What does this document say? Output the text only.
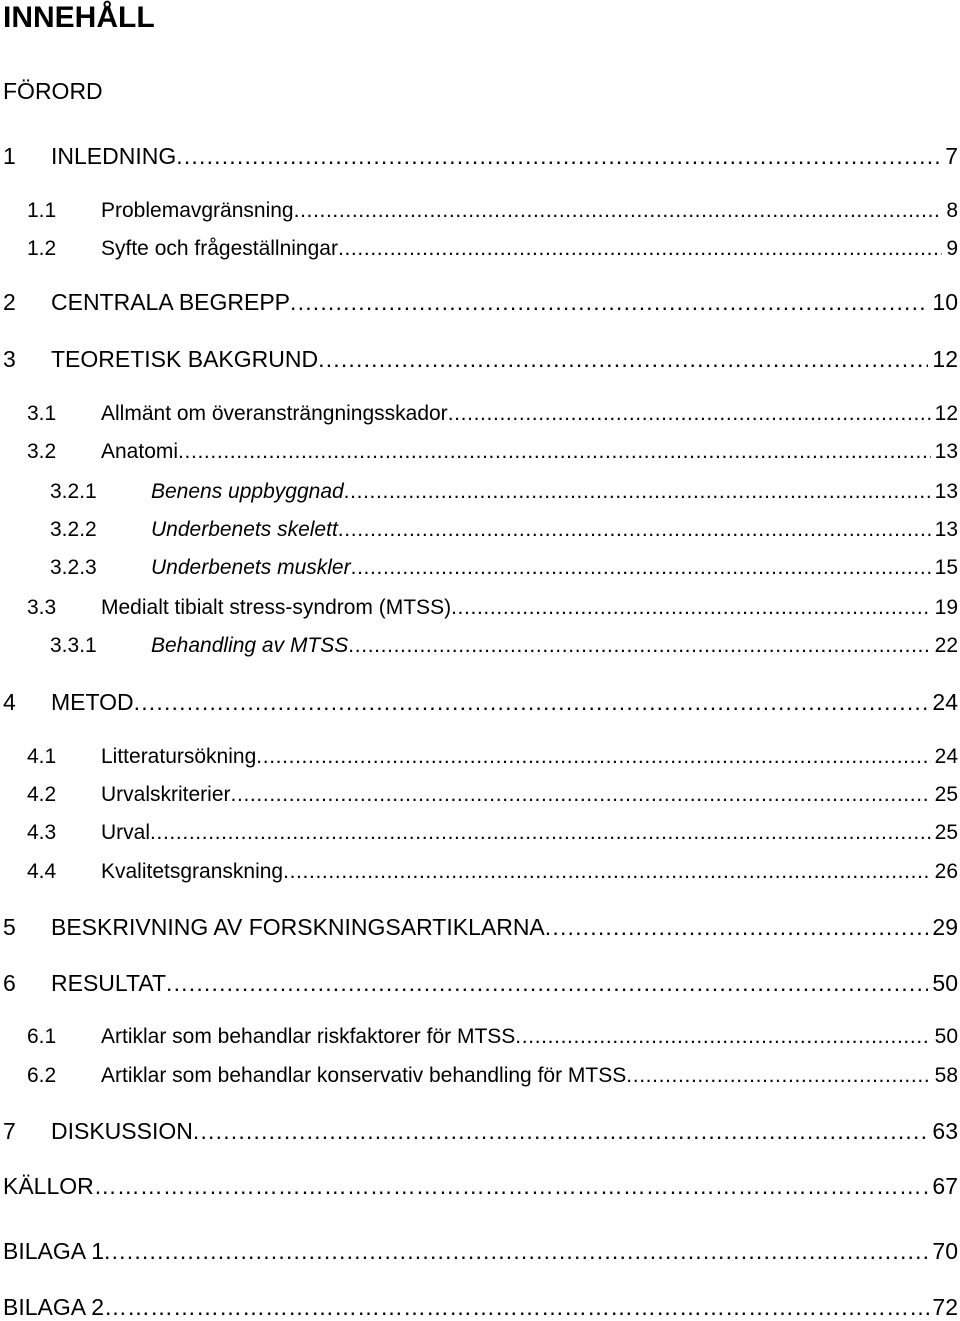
INNEHÅLL
FÖRORD
1	INLEDNING . . .	7
1.1	Problemavgränsning . . .	8
1.2	Syfte och frågeställningar . . .	9
2	CENTRALA BEGREPP . . .	10
3	TEORETISK BAKGRUND . . .	12
3.1	Allmänt om överansträngningsskador . . .	12
3.2	Anatomi . . .	13
3.2.1	Benens uppbyggnad . . .	13
3.2.2	Underbenets skelett . . .	13
3.2.3	Underbenets muskler . . .	15
3.3	Medialt tibialt stress-syndrom (MTSS) . . .	19
3.3.1	Behandling av MTSS . . .	22
4	METOD . . .	24
4.1	Litteratursökning . . .	24
4.2	Urvalskriterier . . .	25
4.3	Urval . . .	25
4.4	Kvalitetsgranskning . . .	26
5	BESKRIVNING AV FORSKNINGSARTIKLARNA . . .	29
6	RESULTAT . . .	50
6.1	Artiklar som behandlar riskfaktorer för MTSS . . .	50
6.2	Artiklar som behandlar konservativ behandling för MTSS . . .	58
7	DISKUSSION . . .	63
KÄLLOR ……………………………………………………………………………………………………………………………………………………………	67
BILAGA 1 . . .	70
BILAGA 2 ……………………………………………………………………………………………………………………………………………………………	72
